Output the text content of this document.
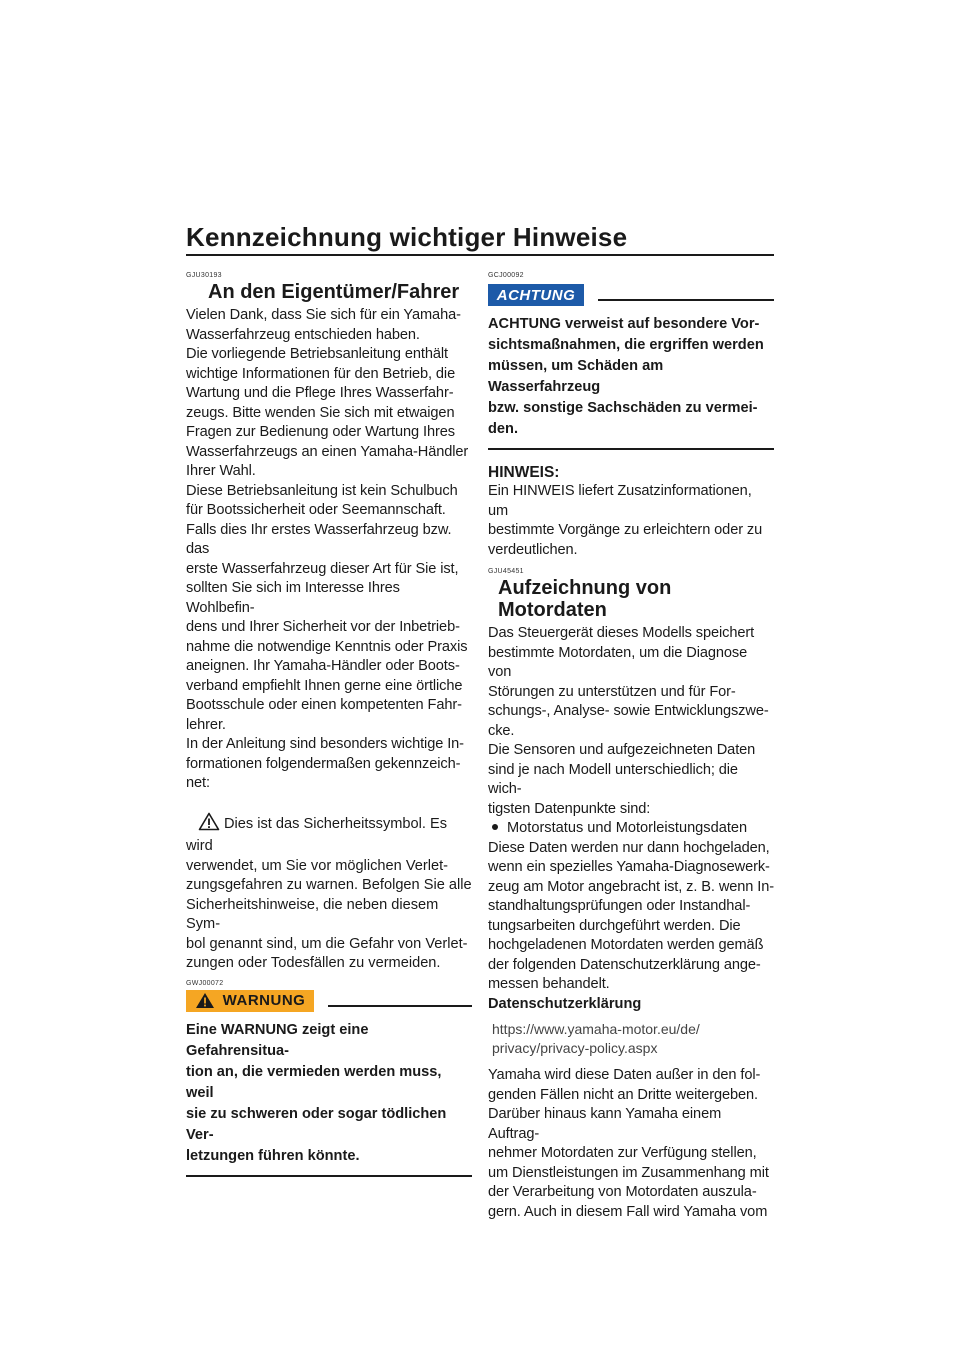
Kennzeichnung wichtiger Hinweise
GJU30193
An den Eigentümer/Fahrer

Vielen Dank, dass Sie sich für ein Yamaha-
Wasserfahrzeug entschieden haben.
Die vorliegende Betriebsanleitung enthält
wichtige Informationen für den Betrieb, die
Wartung und die Pflege Ihres Wasserfahr-
zeugs. Bitte wenden Sie sich mit etwaigen
Fragen zur Bedienung oder Wartung Ihres
Wasserfahrzeugs an einen Yamaha-Händler
Ihrer Wahl.
Diese Betriebsanleitung ist kein Schulbuch
für Bootssicherheit oder Seemannschaft.
Falls dies Ihr erstes Wasserfahrzeug bzw. das
erste Wasserfahrzeug dieser Art für Sie ist,
sollten Sie sich im Interesse Ihres Wohlbefin-
dens und Ihrer Sicherheit vor der Inbetrieb-
nahme die notwendige Kenntnis oder Praxis
aneignen. Ihr Yamaha-Händler oder Boots-
verband empfiehlt Ihnen gerne eine örtliche
Bootsschule oder einen kompetenten Fahr-
lehrer.
In der Anleitung sind besonders wichtige In-
formationen folgendermaßen gekennzeich-
net:

Dies ist das Sicherheitssymbol. Es wird
verwendet, um Sie vor möglichen Verlet-
zungsgefahren zu warnen. Befolgen Sie alle
Sicherheitshinweise, die neben diesem Sym-
bol genannt sind, um die Gefahr von Verlet-
zungen oder Todesfällen zu vermeiden.

GWJ00072
WARNUNG
Eine WARNUNG zeigt eine Gefahrensitua-
tion an, die vermieden werden muss, weil
sie zu schweren oder sogar tödlichen Ver-
letzungen führen könnte.
GCJ00092
ACHTUNG
ACHTUNG verweist auf besondere Vor-
sichtsmaßnahmen, die ergriffen werden
müssen, um Schäden am Wasserfahrzeug
bzw. sonstige Sachschäden zu vermei-
den.
HINWEIS:

Ein HINWEIS liefert Zusatzinformationen, um
bestimmte Vorgänge zu erleichtern oder zu
verdeutlichen.

GJU45451
Aufzeichnung von Motordaten

Das Steuergerät dieses Modells speichert
bestimmte Motordaten, um die Diagnose von
Störungen zu unterstützen und für For-
schungs-, Analyse- sowie Entwicklungszwe-
cke.
Die Sensoren und aufgezeichneten Daten
sind je nach Modell unterschiedlich; die wich-
tigsten Datenpunkte sind:

Motorstatus und Motorleistungsdaten

Diese Daten werden nur dann hochgeladen,
wenn ein spezielles Yamaha-Diagnosewerk-
zeug am Motor angebracht ist, z. B. wenn In-
standhaltungsprüfungen oder Instandhal-
tungsarbeiten durchgeführt werden. Die
hochgeladenen Motordaten werden gemäß
der folgenden Datenschutzerklärung ange-
messen behandelt.

Datenschutzerklärung

https://www.yamaha-motor.eu/de/
privacy/privacy-policy.aspx

Yamaha wird diese Daten außer in den fol-
genden Fällen nicht an Dritte weitergeben.
Darüber hinaus kann Yamaha einem Auftrag-
nehmer Motordaten zur Verfügung stellen,
um Dienstleistungen im Zusammenhang mit
der Verarbeitung von Motordaten auszula-
gern. Auch in diesem Fall wird Yamaha vom
